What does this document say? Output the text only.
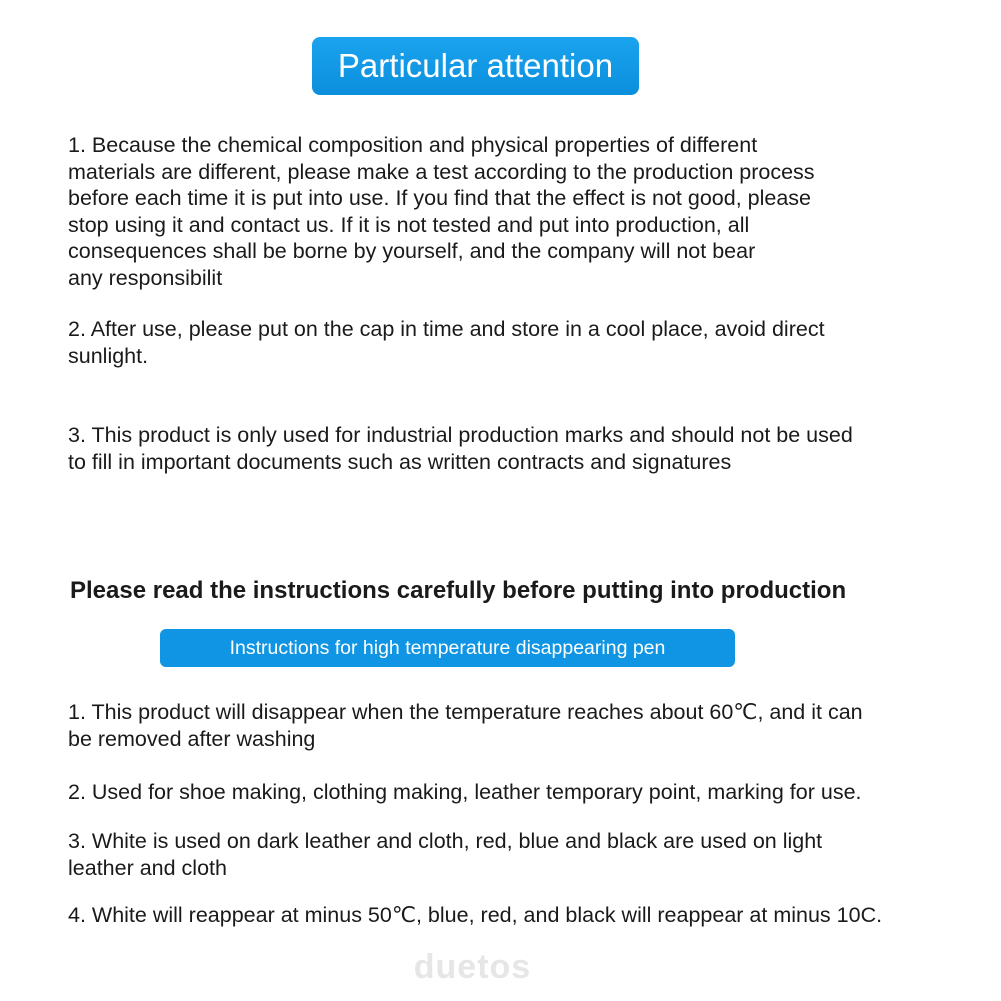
Particular attention

1. Because the chemical composition and physical properties of different
materials are different, please make a test according to the production process
before each time it is put into use. If you find that the effect is not good, please
stop using it and contact us. If it is not tested and put into production, all
consequences shall be borne by yourself, and the company will not bear
any responsibilit

2. After use, please put on the cap in time and store in a cool place, avoid direct
sunlight.

3. This product is only used for industrial production marks and should not be used
to fill in important documents such as written contracts and signatures

Please read the instructions carefully before putting into production
Instructions for high temperature disappearing pen

1. This product will disappear when the temperature reaches about 60℃, and it can
be removed after washing

2. Used for shoe making, clothing making, leather temporary point, marking for use.

3. White is used on dark leather and cloth, red, blue and black are used on light
leather and cloth

4. White will reappear at minus 50℃, blue, red, and black will reappear at minus 10C.

duetos
